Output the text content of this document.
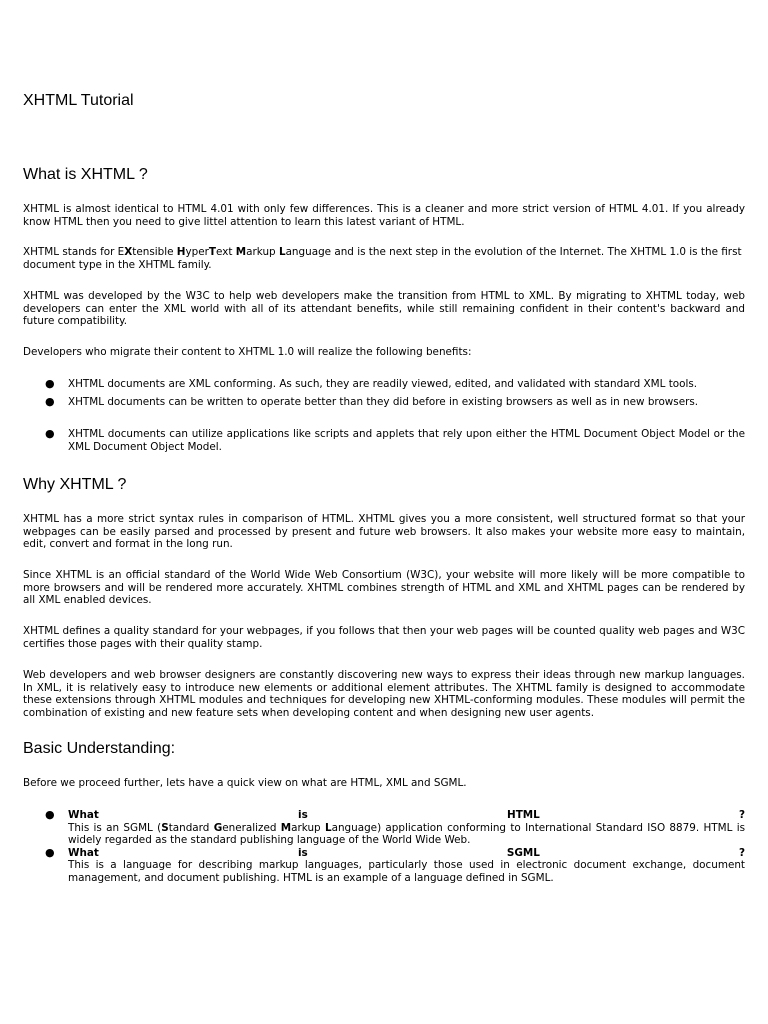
XHTML Tutorial
What is XHTML ?

XHTML is almost identical to HTML 4.01 with only few differences. This is a cleaner and more strict version of HTML 4.01. If you already know HTML then you need to give littel attention to learn this latest variant of HTML.

XHTML stands for EXtensible HyperText Markup Language and is the next step in the evolution of the Internet. The XHTML 1.0 is the first document type in the XHTML family.

XHTML was developed by the W3C to help web developers make the transition from HTML to XML. By migrating to XHTML today, web developers can enter the XML world with all of its attendant benefits, while still remaining confident in their content's backward and future compatibility.

Developers who migrate their content to XHTML 1.0 will realize the following benefits:

● XHTML documents are XML conforming. As such, they are readily viewed, edited, and validated with standard XML tools.
● XHTML documents can be written to operate better than they did before in existing browsers as well as in new browsers.
● XHTML documents can utilize applications like scripts and applets that rely upon either the HTML Document Object Model or the XML Document Object Model.
Why XHTML ?

XHTML has a more strict syntax rules in comparison of HTML. XHTML gives you a more consistent, well structured format so that your webpages can be easily parsed and processed by present and future web browsers. It also makes your website more easy to maintain, edit, convert and format in the long run.

Since XHTML is an official standard of the World Wide Web Consortium (W3C), your website will more likely will be more compatible to more browsers and will be rendered more accurately. XHTML combines strength of HTML and XML and XHTML pages can be rendered by all XML enabled devices.

XHTML defines a quality standard for your webpages, if you follows that then your web pages will be counted quality web pages and W3C certifies those pages with their quality stamp.

Web developers and web browser designers are constantly discovering new ways to express their ideas through new markup languages. In XML, it is relatively easy to introduce new elements or additional element attributes. The XHTML family is designed to accommodate these extensions through XHTML modules and techniques for developing new XHTML-conforming modules. These modules will permit the combination of existing and new feature sets when developing content and when designing new user agents.

Basic Understanding:

Before we proceed further, lets have a quick view on what are HTML, XML and SGML.

● What	is	HTML	?
This is an SGML (Standard Generalized Markup Language) application conforming to International Standard ISO 8879. HTML is widely regarded as the standard publishing language of the World Wide Web.
● What	is	SGML	?
This is a language for describing markup languages, particularly those used in electronic document exchange, document management, and document publishing. HTML is an example of a language defined in SGML.
